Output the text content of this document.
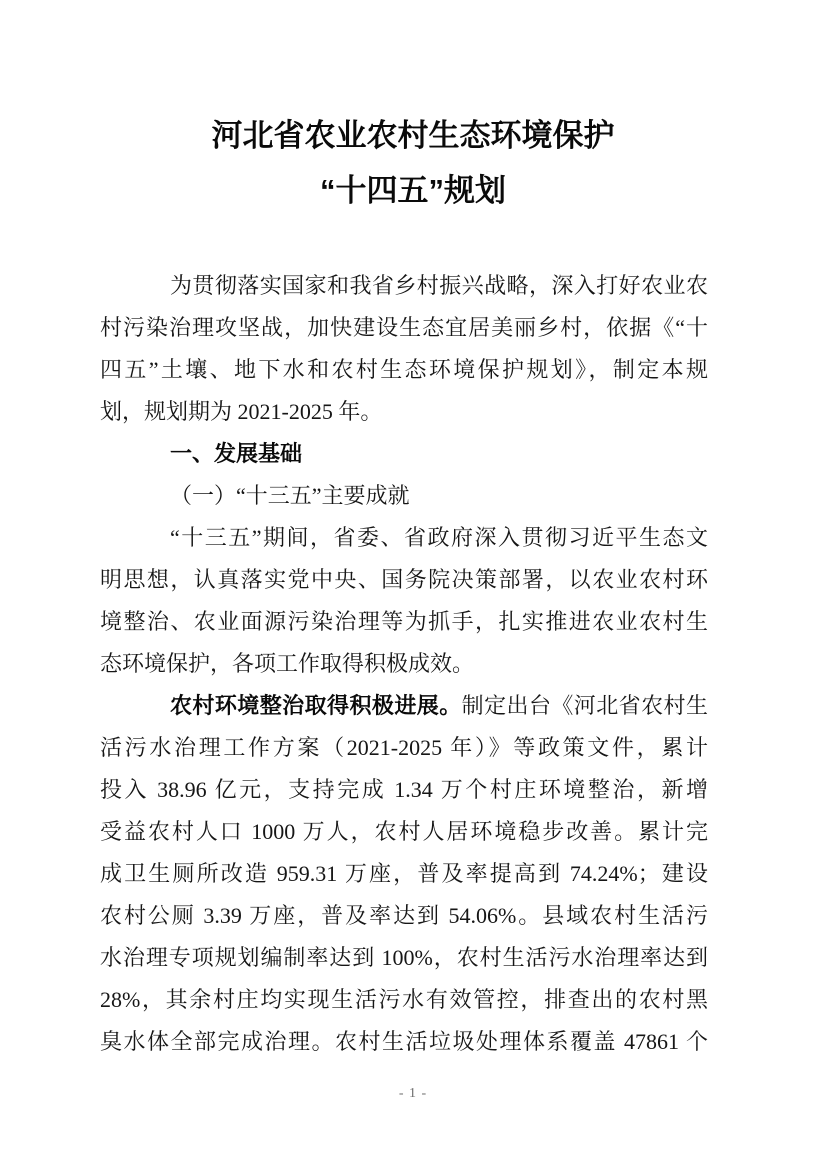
河北省农业农村生态环境保护
“十四五”规划
为贯彻落实国家和我省乡村振兴战略，深入打好农业农
村污染治理攻坚战，加快建设生态宜居美丽乡村，依据《“十
四五”土壤、地下水和农村生态环境保护规划》，制定本规
划，规划期为 2021-2025 年。
一、发展基础
（一）“十三五”主要成就
“十三五”期间，省委、省政府深入贯彻习近平生态文
明思想，认真落实党中央、国务院决策部署，以农业农村环
境整治、农业面源污染治理等为抓手，扎实推进农业农村生
态环境保护，各项工作取得积极成效。
农村环境整治取得积极进展。制定出台《河北省农村生
活污水治理工作方案（2021-2025 年）》等政策文件，累计
投入 38.96 亿元，支持完成 1.34 万个村庄环境整治，新增
受益农村人口 1000 万人，农村人居环境稳步改善。累计完
成卫生厕所改造 959.31 万座，普及率提高到 74.24%；建设
农村公厕 3.39 万座，普及率达到 54.06%。县域农村生活污
水治理专项规划编制率达到 100%，农村生活污水治理率达到
28%，其余村庄均实现生活污水有效管控，排查出的农村黑
臭水体全部完成治理。农村生活垃圾处理体系覆盖 47861 个
- 1 -
